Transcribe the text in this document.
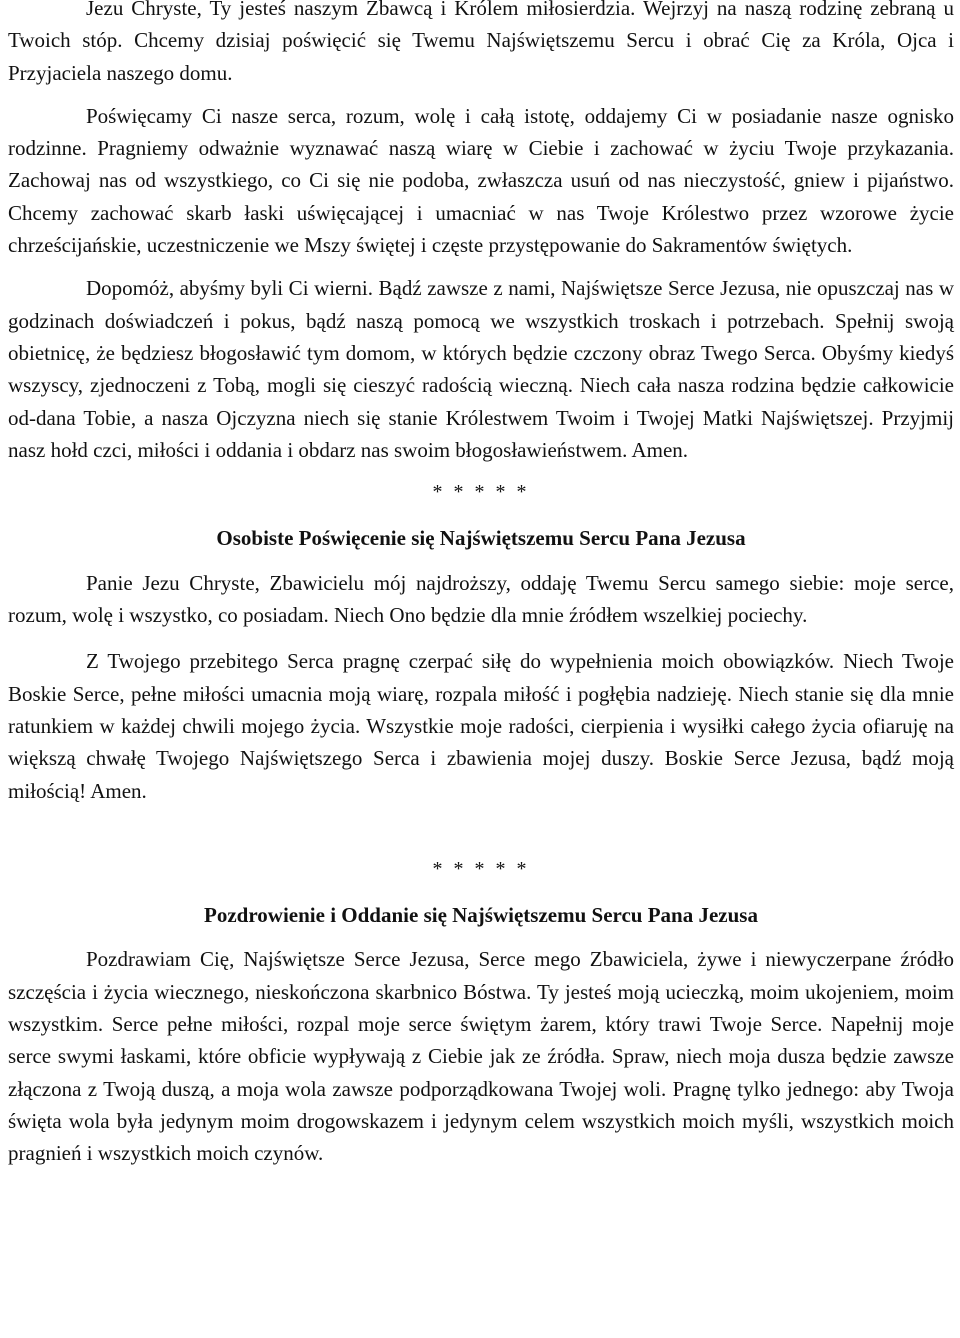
Jezu Chryste, Ty jesteś naszym Zbawcą i Królem miłosierdzia. Wejrzyj na naszą rodzinę zebraną u Twoich stóp. Chcemy dzisiaj poświęcić się Twemu Najświętszemu Sercu i obrać Cię za Króla, Ojca i Przyjaciela naszego domu.

Poświęcamy Ci nasze serca, rozum, wolę i całą istotę, oddajemy Ci w posiadanie nasze ognisko rodzinne. Pragniemy odważnie wyznawać naszą wiarę w Ciebie i zachować w życiu Twoje przykazania. Zachowaj nas od wszystkiego, co Ci się nie podoba, zwłaszcza usuń od nas nieczystość, gniew i pijaństwo. Chcemy zachować skarb łaski uświęcającej i umacniać w nas Twoje Królestwo przez wzorowe życie chrześcijańskie, uczestniczenie we Mszy świętej i częste przystępowanie do Sakramentów świętych.

Dopomóż, abyśmy byli Ci wierni. Bądź zawsze z nami, Najświętsze Serce Jezusa, nie opuszczaj nas w godzinach doświadczeń i pokus, bądź naszą pomocą we wszystkich troskach i potrzebach. Spełnij swoją obietnicę, że będziesz błogosławić tym domom, w których będzie czczony obraz Twego Serca. Obyśmy kiedyś wszyscy, zjednoczeni z Tobą, mogli się cieszyć radością wieczną. Niech cała nasza rodzina będzie całkowicie od-dana Tobie, a nasza Ojczyzna niech się stanie Królestwem Twoim i Twojej Matki Najświętszej. Przyjmij nasz hołd czci, miłości i oddania i obdarz nas swoim błogosławieństwem. Amen.

* * * * *
Osobiste Poświęcenie się Najświętszemu Sercu Pana Jezusa

Panie Jezu Chryste, Zbawicielu mój najdroższy, oddaję Twemu Sercu samego siebie: moje serce, rozum, wolę i wszystko, co posiadam. Niech Ono będzie dla mnie źródłem wszelkiej pociechy.

Z Twojego przebitego Serca pragnę czerpać siłę do wypełnienia moich obowiązków. Niech Twoje Boskie Serce, pełne miłości umacnia moją wiarę, rozpala miłość i pogłębia nadzieję. Niech stanie się dla mnie ratunkiem w każdej chwili mojego życia. Wszystkie moje radości, cierpienia i wysiłki całego życia ofiaruję na większą chwałę Twojego Najświętszego Serca i zbawienia mojej duszy. Boskie Serce Jezusa, bądź moją miłością! Amen.

* * * * *
Pozdrowienie i Oddanie się Najświętszemu Sercu Pana Jezusa

Pozdrawiam Cię, Najświętsze Serce Jezusa, Serce mego Zbawiciela, żywe i niewyczerpane źródło szczęścia i życia wiecznego, nieskończona skarbnico Bóstwa. Ty jesteś moją ucieczką, moim ukojeniem, moim wszystkim. Serce pełne miłości, rozpal moje serce świętym żarem, który trawi Twoje Serce. Napełnij moje serce swymi łaskami, które obficie wypływają z Ciebie jak ze źródła. Spraw, niech moja dusza będzie zawsze złączona z Twoją duszą, a moja wola zawsze podporządkowana Twojej woli. Pragnę tylko jednego: aby Twoja święta wola była jedynym moim drogowskazem i jedynym celem wszystkich moich myśli, wszystkich moich pragnień i wszystkich moich czynów.
